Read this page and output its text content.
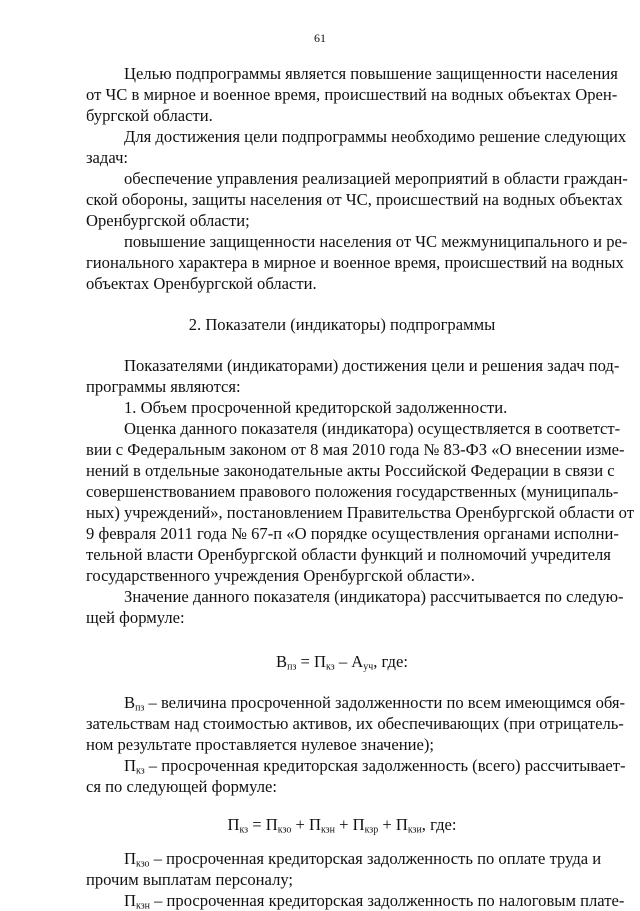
61
Целью подпрограммы является повышение защищенности населения
от ЧС в мирное и военное время, происшествий на водных объектах Орен-
бургской области.
Для достижения цели подпрограммы необходимо решение следующих
задач:
обеспечение управления реализацией мероприятий в области граждан-
ской обороны, защиты населения от ЧС, происшествий на водных объектах
Оренбургской области;
повышение защищенности населения от ЧС межмуниципального и ре-
гионального характера в мирное и военное время, происшествий на водных
объектах Оренбургской области.
2. Показатели (индикаторы) подпрограммы
Показателями (индикаторами) достижения цели и решения задач под-
программы являются:
1. Объем просроченной кредиторской задолженности.
Оценка данного показателя (индикатора) осуществляется в соответст-
вии с Федеральным законом от 8 мая 2010 года № 83-ФЗ «О внесении изме-
нений в отдельные законодательные акты Российской Федерации в связи с
совершенствованием правового положения государственных (муниципаль-
ных) учреждений», постановлением Правительства Оренбургской области от
9 февраля 2011 года № 67-п «О порядке осуществления органами исполни-
тельной власти Оренбургской области функций и полномочий учредителя
государственного учреждения Оренбургской области».
Значение данного показателя (индикатора) рассчитывается по следую-
щей формуле:
$В_{пз} = П_{кз} - А_{уч}$, где:
$В_{пз}$ – величина просроченной задолженности по всем имеющимся обя-
зательствам над стоимостью активов, их обеспечивающих (при отрицатель-
ном результате проставляется нулевое значение);
$П_{кз}$ – просроченная кредиторская задолженность (всего) рассчитывает-
ся по следующей формуле:
$П_{кз} = П_{кзо} + П_{кзн} + П_{кзр} + П_{кзи}$, где:
$П_{кзо}$ – просроченная кредиторская задолженность по оплате труда и
прочим выплатам персоналу;
$П_{кзн}$ – просроченная кредиторская задолженность по налоговым плате-
